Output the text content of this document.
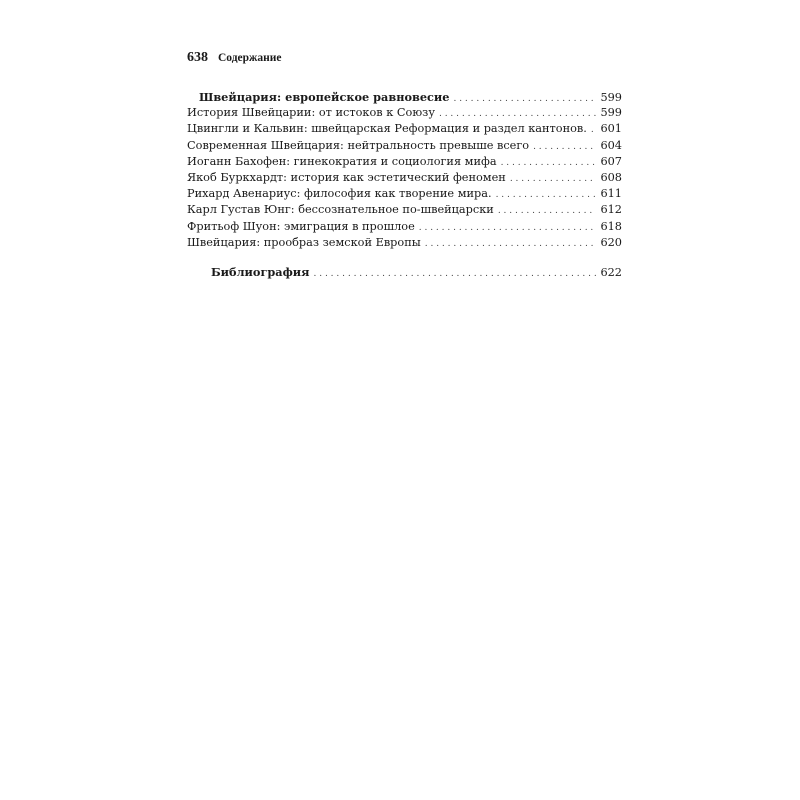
638 Содержание
Швейцария: европейское равновесие . . .	599
История Швейцарии: от истоков к Союзу . . .	599
Цвингли и Кальвин: швейцарская Реформация и раздел кантонов. . . . 601
Современная Швейцария: нейтральность превыше всего . . .	604
Иоганн Бахофен: гинекократия и социология мифа . . .	607
Якоб Буркхардт: история как эстетический феномен . . .	608
Рихард Авенариус: философия как творение мира. . . .	611
Карл Густав Юнг: бессознательное по-швейцарски . . .	612
Фритьоф Шуон: эмиграция в прошлое . . .	618
Швейцария: прообраз земской Европы . . .	620
Библиография . . .	622
